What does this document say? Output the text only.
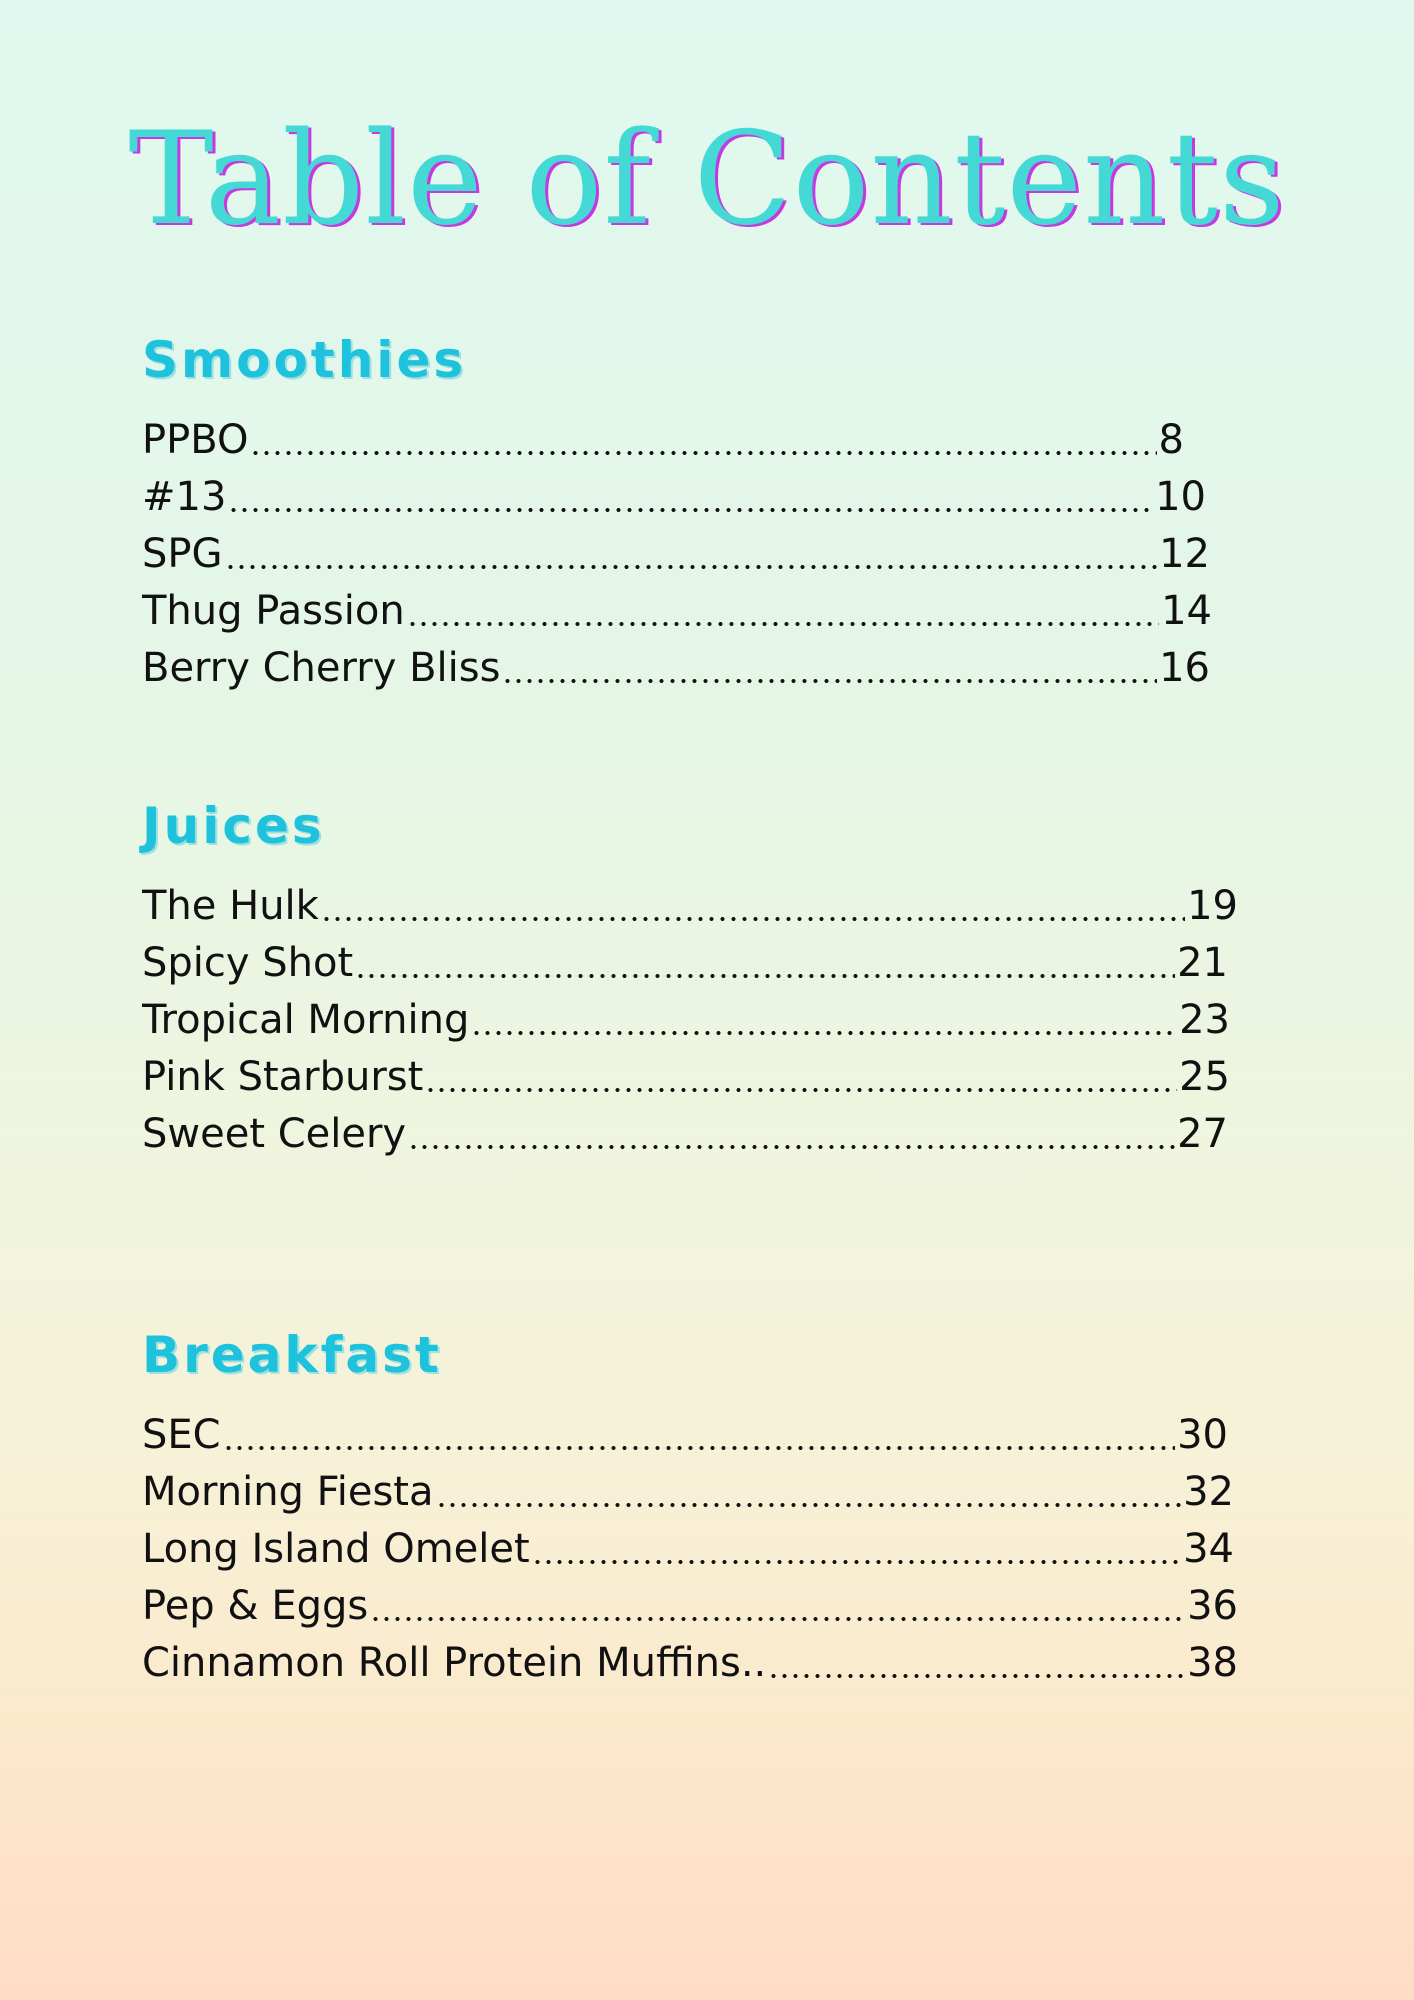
Table of Contents
Smoothies
PPBO	8
#13	10
SPG	12
Thug Passion	14
Berry Cherry Bliss	16
Juices
The Hulk	19
Spicy Shot	21
Tropical Morning	23
Pink Starburst	25
Sweet Celery	27
Breakfast
SEC	30
Morning Fiesta	32
Long Island Omelet	34
Pep & Eggs	36
Cinnamon Roll Protein Muffins..	38
